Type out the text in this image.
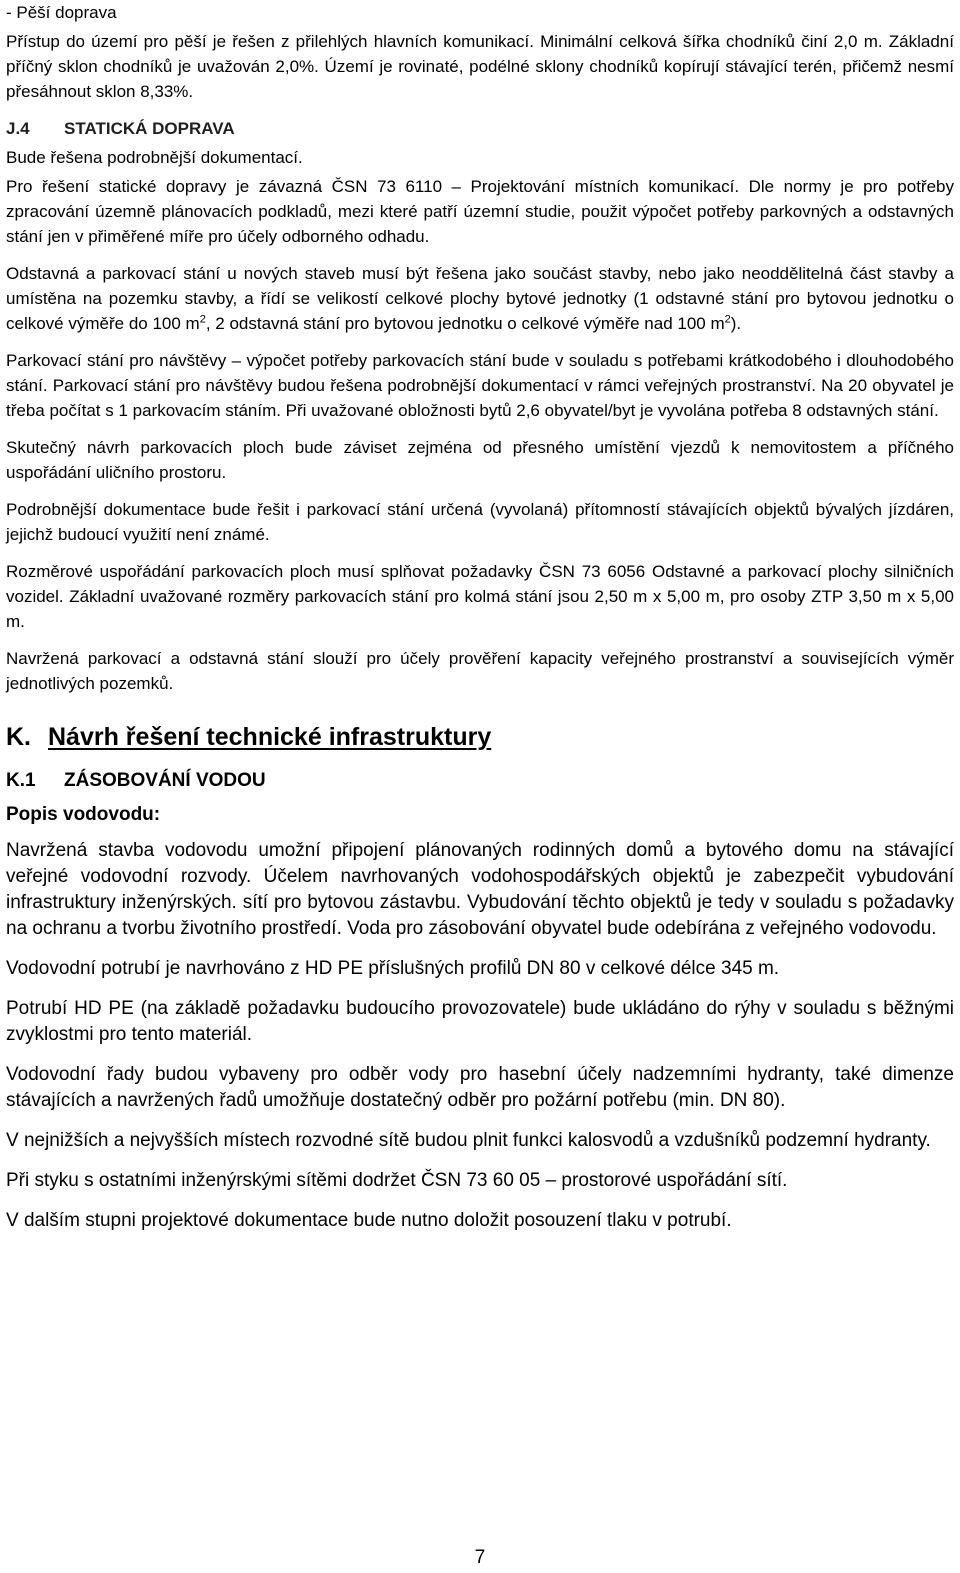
- Pěší doprava

Přístup do území pro pěší je řešen z přilehlých hlavních komunikací. Minimální celková šířka chodníků činí 2,0 m. Základní příčný sklon chodníků je uvažován 2,0%. Území je rovinaté, podélné sklony chodníků kopírují stávající terén, přičemž nesmí přesáhnout sklon 8,33%.

J.4 STATICKÁ DOPRAVA

Bude řešena podrobnější dokumentací.

Pro řešení statické dopravy je závazná ČSN 73 6110 – Projektování místních komunikací. Dle normy je pro potřeby zpracování územně plánovacích podkladů, mezi které patří územní studie, použit výpočet potřeby parkovných a odstavných stání jen v přiměřené míře pro účely odborného odhadu.

Odstavná a parkovací stání u nových staveb musí být řešena jako součást stavby, nebo jako neoddělitelná část stavby a umístěna na pozemku stavby, a řídí se velikostí celkové plochy bytové jednotky (1 odstavné stání pro bytovou jednotku o celkové výměře do 100 $m^2$, 2 odstavná stání pro bytovou jednotku o celkové výměře nad 100 $m^2$).

Parkovací stání pro návštěvy – výpočet potřeby parkovacích stání bude v souladu s potřebami krátkodobého i dlouhodobého stání. Parkovací stání pro návštěvy budou řešena podrobnější dokumentací v rámci veřejných prostranství. Na 20 obyvatel je třeba počítat s 1 parkovacím stáním. Při uvažované obložnosti bytů 2,6 obyvatel/byt je vyvolána potřeba 8 odstavných stání.

Skutečný návrh parkovacích ploch bude záviset zejména od přesného umístění vjezdů k nemovitostem a příčného uspořádání uličního prostoru.

Podrobnější dokumentace bude řešit i parkovací stání určená (vyvolaná) přítomností stávajících objektů bývalých jízdáren, jejichž budoucí využití není známé.

Rozměrové uspořádání parkovacích ploch musí splňovat požadavky ČSN 73 6056 Odstavné a parkovací plochy silničních vozidel. Základní uvažované rozměry parkovacích stání pro kolmá stání jsou 2,50 m x 5,00 m, pro osoby ZTP 3,50 m x 5,00 m.

Navržená parkovací a odstavná stání slouží pro účely prověření kapacity veřejného prostranství a souvisejících výměr jednotlivých pozemků.

K. Návrh řešení technické infrastruktury
K.1 ZÁSOBOVÁNÍ VODOU
Popis vodovodu:

Navržená stavba vodovodu umožní připojení plánovaných rodinných domů a bytového domu na stávající veřejné vodovodní rozvody. Účelem navrhovaných vodohospodářských objektů je zabezpečit vybudování infrastruktury inženýrských. sítí pro bytovou zástavbu. Vybudování těchto objektů je tedy v souladu s požadavky na ochranu a tvorbu životního prostředí. Voda pro zásobování obyvatel bude odebírána z veřejného vodovodu.

Vodovodní potrubí je navrhováno z HD PE příslušných profilů DN 80 v celkové délce 345 m.

Potrubí HD PE (na základě požadavku budoucího provozovatele) bude ukládáno do rýhy v souladu s běžnými zvyklostmi pro tento materiál.

Vodovodní řady budou vybaveny pro odběr vody pro hasební účely nadzemními hydranty, také dimenze stávajících a navržených řadů umožňuje dostatečný odběr pro požární potřebu (min. DN 80).

V nejnižších a nejvyšších místech rozvodné sítě budou plnit funkci kalosvodů a vzdušníků podzemní hydranty.

Při styku s ostatními inženýrskými sítěmi dodržet ČSN 73 60 05 – prostorové uspořádání sítí.

V dalším stupni projektové dokumentace bude nutno doložit posouzení tlaku v potrubí.

7
